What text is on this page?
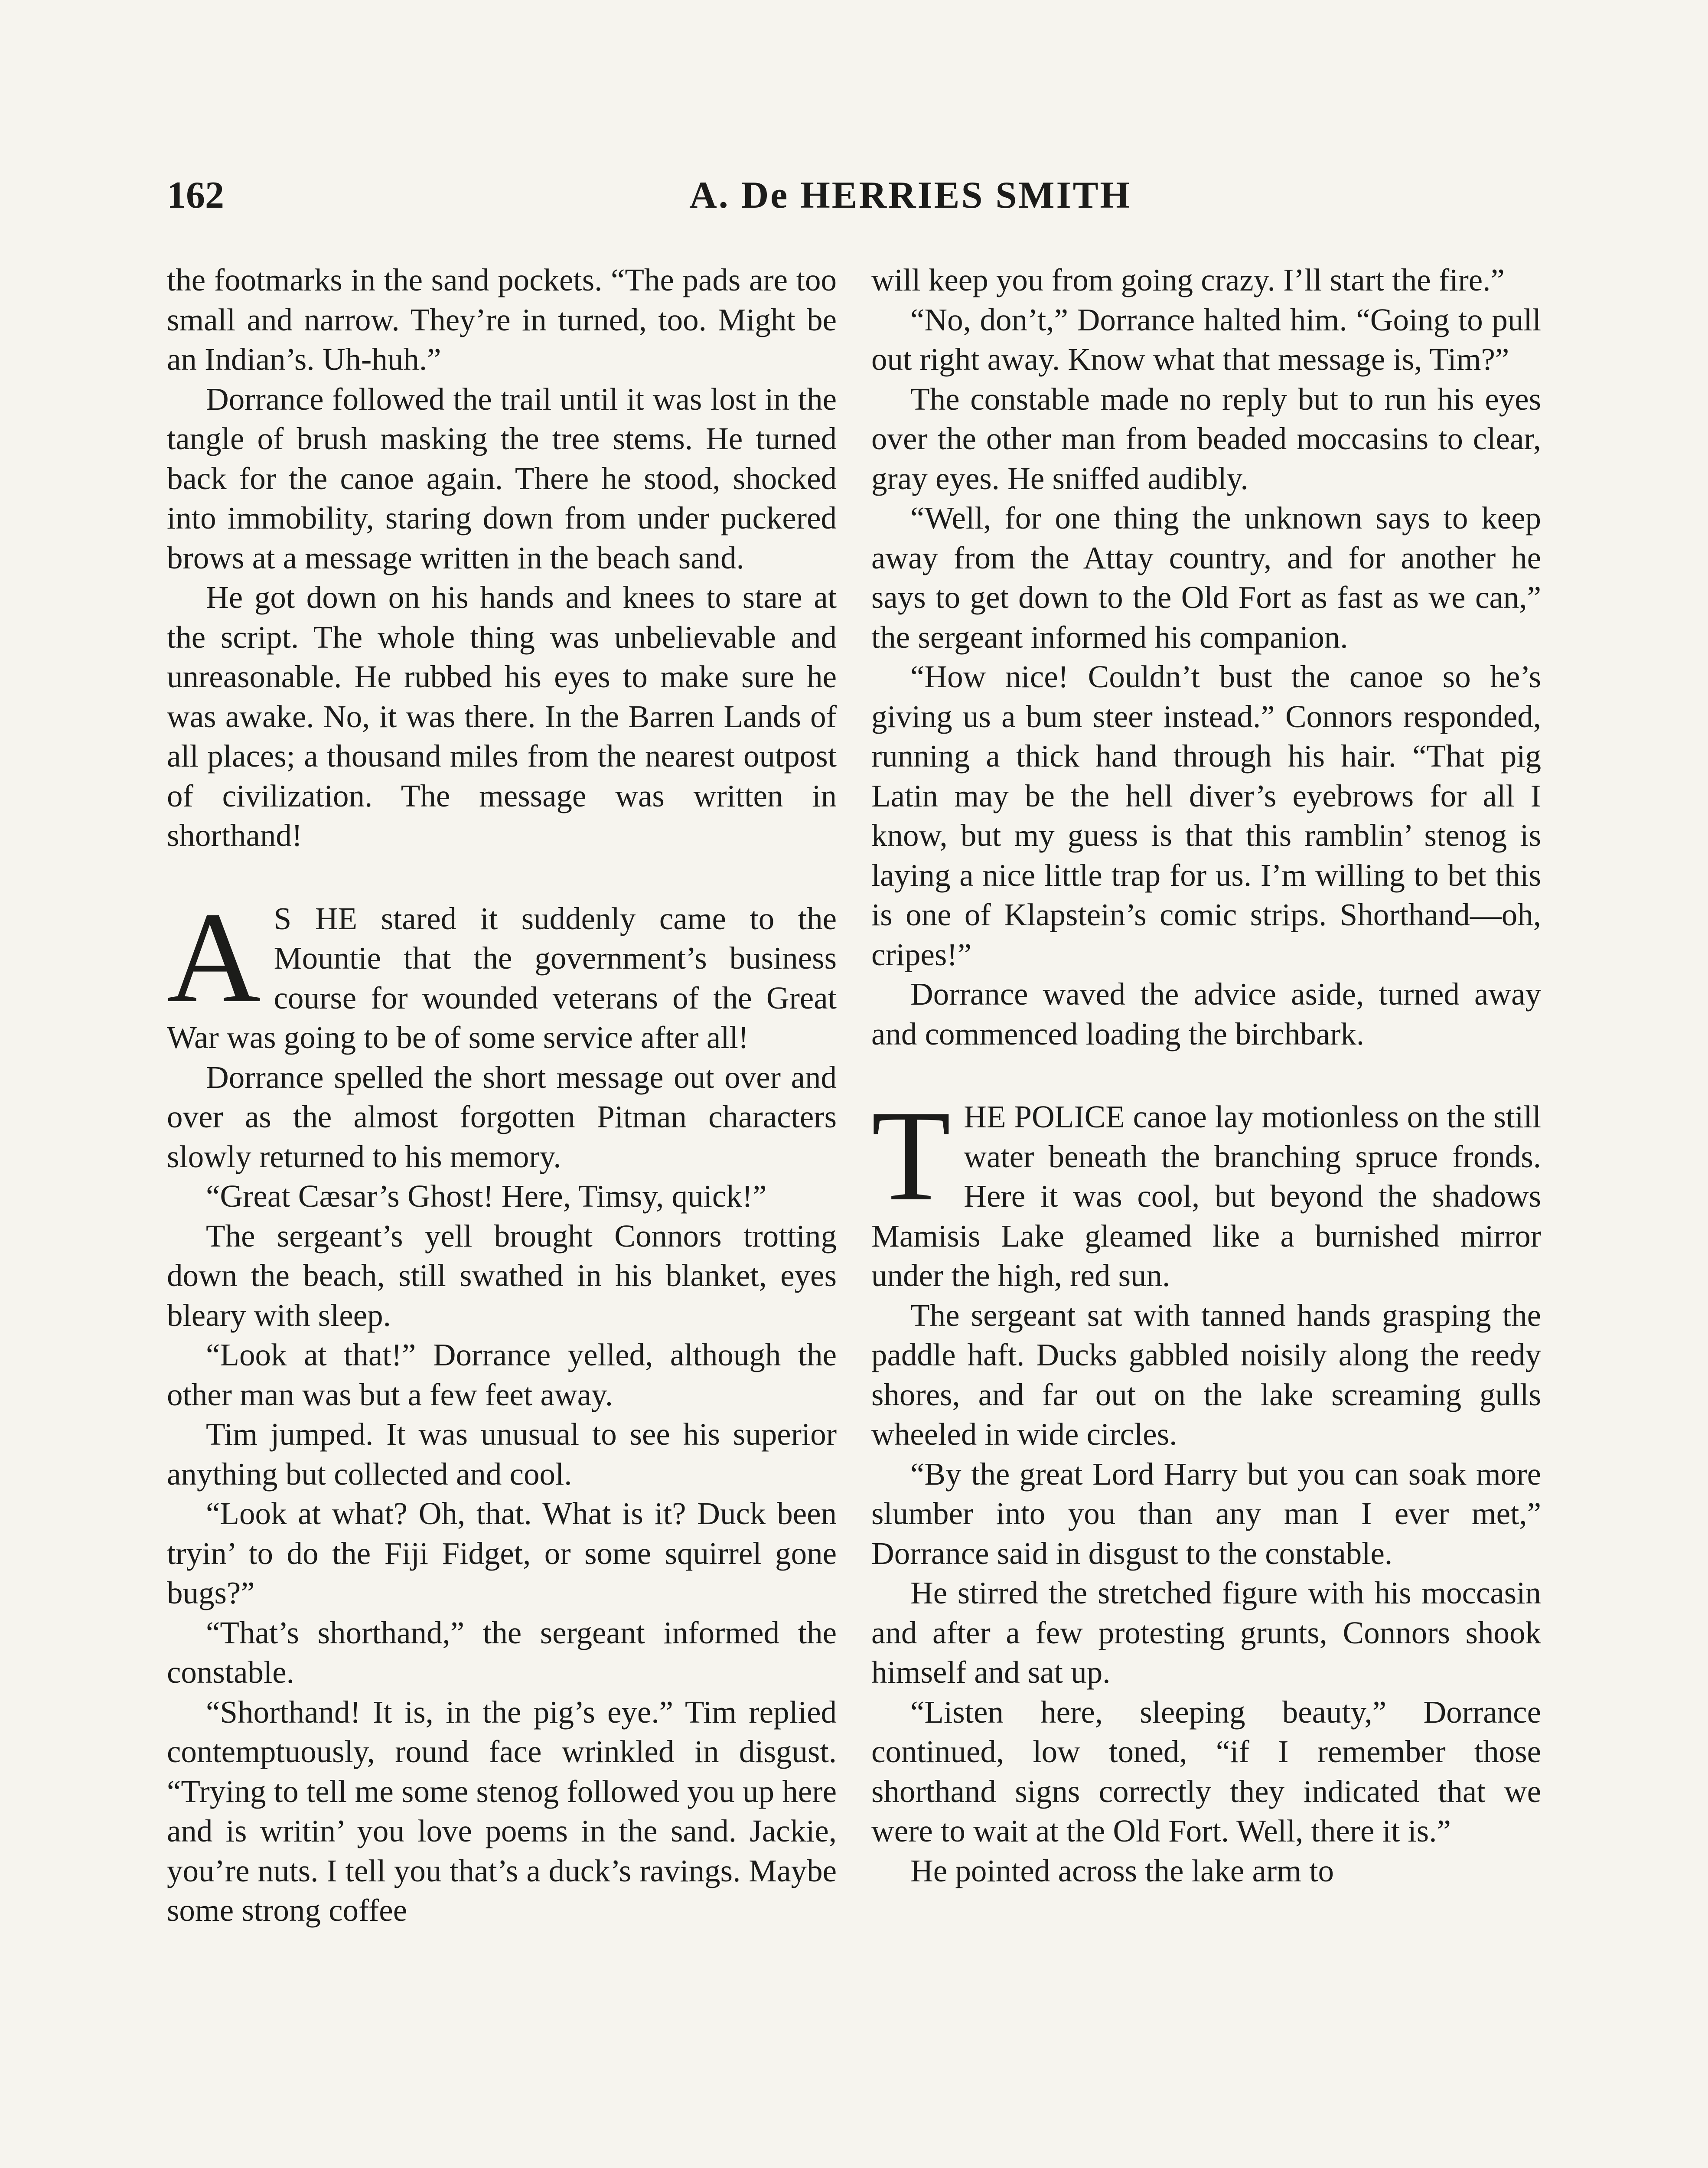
162	A. De HERRIES SMITH

the footmarks in the sand pockets. “The pads are too small and narrow. They’re in turned, too. Might be an Indian’s. Uh-huh.”

Dorrance followed the trail until it was lost in the tangle of brush masking the tree stems. He turned back for the canoe again. There he stood, shocked into immobility, staring down from under puckered brows at a message written in the beach sand.

He got down on his hands and knees to stare at the script. The whole thing was unbelievable and unreasonable. He rubbed his eyes to make sure he was awake. No, it was there. In the Barren Lands of all places; a thousand miles from the nearest outpost of civilization. The message was written in shorthand!

A S HE stared it suddenly came to the Mountie that the government’s business course for wounded veterans of the Great War was going to be of some service after all!

Dorrance spelled the short message out over and over as the almost forgotten Pitman characters slowly returned to his memory.

“Great Cæsar’s Ghost! Here, Timsy, quick!”

The sergeant’s yell brought Connors trotting down the beach, still swathed in his blanket, eyes bleary with sleep.

“Look at that!” Dorrance yelled, although the other man was but a few feet away.

Tim jumped. It was unusual to see his superior anything but collected and cool.

“Look at what? Oh, that. What is it? Duck been tryin’ to do the Fiji Fidget, or some squirrel gone bugs?”

“That’s shorthand,” the sergeant informed the constable.

“Shorthand! It is, in the pig’s eye.” Tim replied contemptuously, round face wrinkled in disgust. “Trying to tell me some stenog followed you up here and is writin’ you love poems in the sand. Jackie, you’re nuts. I tell you that’s a duck’s ravings. Maybe some strong coffee

will keep you from going crazy. I’ll start the fire.”

“No, don’t,” Dorrance halted him. “Going to pull out right away. Know what that message is, Tim?”

The constable made no reply but to run his eyes over the other man from beaded moccasins to clear, gray eyes. He sniffed audibly.

“Well, for one thing the unknown says to keep away from the Attay country, and for another he says to get down to the Old Fort as fast as we can,” the sergeant informed his companion.

“How nice! Couldn’t bust the canoe so he’s giving us a bum steer instead.” Connors responded, running a thick hand through his hair. “That pig Latin may be the hell diver’s eyebrows for all I know, but my guess is that this ramblin’ stenog is laying a nice little trap for us. I’m willing to bet this is one of Klapstein’s comic strips. Shorthand—oh, cripes!”

Dorrance waved the advice aside, turned away and commenced loading the birchbark.

THE POLICE canoe lay motionless on the still water beneath the branching spruce fronds. Here it was cool, but beyond the shadows Mamisis Lake gleamed like a burnished mirror under the high, red sun.

The sergeant sat with tanned hands grasping the paddle haft. Ducks gabbled noisily along the reedy shores, and far out on the lake screaming gulls wheeled in wide circles.

“By the great Lord Harry but you can soak more slumber into you than any man I ever met,” Dorrance said in disgust to the constable.

He stirred the stretched figure with his moccasin and after a few protesting grunts, Connors shook himself and sat up.

“Listen here, sleeping beauty,” Dorrance continued, low toned, “if I remember those shorthand signs correctly they indicated that we were to wait at the Old Fort. Well, there it is.”

He pointed across the lake arm to
